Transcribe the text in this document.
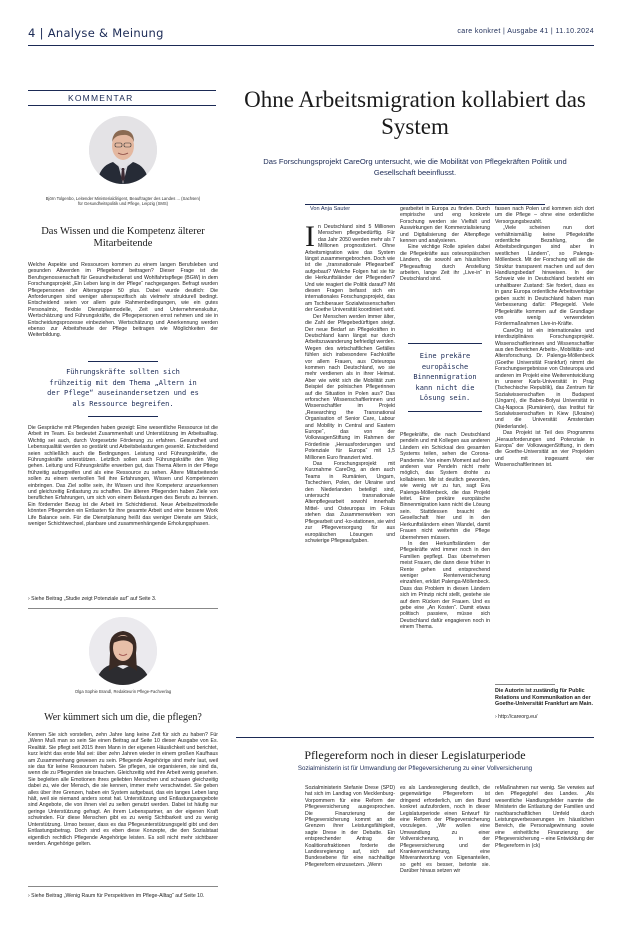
4 | Analyse & Meinung	care konkret | Ausgabe 41 | 11.10.2024
KOMMENTAR
Björn Tolgenbo, Leitender Ministerialdirigent, Beauftragter des Landes ... (Sachsen) für Gesundheitspolitik und Pflege, Leipzig (SMS)
Das Wissen und die Kompetenz älterer Mitarbeitende
Welche Aspekte und Ressourcen kommen zu einem langen Berufsleben und gesunden Altwerden im Pflegeberuf beitragen? Dieser Frage ist die Berufsgenossenschaft für Gesundheitsdienst und Wohlfahrtspflege (BGW) in dem Forschungsprojekt „Ein Leben lang in der Pflege“ nachgegangen. Befragt wurden Pflegepersonen der Altersgruppe 50 plus. Dabei wurde deutlich: Die Anforderungen sind weniger altersspezifisch als vielmehr strukturell bedingt. Entscheidend seien vor allem gute Rahmenbedingungen, wie ein gutes Personalmix, flexible Dienstplanmodelle, Zeit und Unternehmenskultur, Wertschätzung und Führungskräfte, die Pflegepersonen ernst nehmen und sie in Entscheidungsprozesse einbeziehen. Wertschätzung und Anerkennung werden ebenso zur Arbeitsfreude der Pflege beitragen wie Möglichkeiten der Weiterbildung.
Führungskräfte sollten sich frühzeitig mit dem Thema „Altern in der Pflege“ auseinandersetzen und es als Ressource begreifen.
Die Gespräche mit Pflegenden haben gezeigt: Eine wesentliche Ressource ist die Arbeit im Team. Es bedeutet Zusammenhalt und Unterstützung im Arbeitsalltag. Wichtig sei auch, durch Vorgesetzte Förderung zu erfahren. Gesundheit und Lebensqualität werden so gestärkt und Arbeitsbelastungen gesenkt. Entscheidend seien schließlich auch die Bedingungen. Leistung und Führungskräfte, die Führungskräfte unterstützen. Letztlich sollen auch Führungskräfte den Weg gehen. Leitung und Führungskräfte erwerben gut, das Thema Altern in der Pflege frühzeitig aufzugreifen und als eine Ressource zu sehen. Ältere Mitarbeitende sollen zu einem wertvollen Teil ihre Erfahrungen, Wissen und Kompetenzen einbringen. Das Ziel sollte sein, ihr Wissen und ihre Kompetenz anzuerkennen und gleichzeitig Entlastung zu schaffen. Die älteren Pflegenden haben Ziele von beruflichen Erfahrungen, um sich von einem Belastungen des Berufs zu trennen. Ein fördernder Bezug ist die Arbeit im Schichtdienst. Neue Arbeitszeitmodelle könnten Pflegenden ein Entlasten für ihre gesamte Arbeit und eine bessere Work Life Balance sein. Für die Dienstplanung heißt das weniger Dienste am Stück, weniger Schichtwechsel, planbare und zusammenhängende Erholungsphasen.
› Siehe Beitrag „Studie zeigt Potenziale auf“ auf Seite 3.
Olga Sophie Brandl, Redakteurin Pflege-Fachverlag
Wer kümmert sich um die, die pflegen?
Kennen Sie sich vorstellen, zehn Jahre lang keine Zeit für sich zu haben? Für „Wenn Muß man so sein Sie einen Beitrag auf Seite 10 dieser Ausgabe von Es. Realität. Sie pflegt seit 2015 ihren Mann in der eigenen Häuslichkeit und berichtet, kurz leicht das erste Mal sei: über zehn Jahren wieder in einem großen Kaufhaus am Zusammenhang gewesen zu sein. Pflegende Angehörige sind mehr laut, weil sie das für keine Ressourcen haben. Sie pflegen, sie organisieren, sie sind da, wenn die zu Pflegenden sie brauchen. Gleichzeitig wird ihre Arbeit wenig gesehen. Sie begleiten alle Emotionen ihres geliebten Menschen und schauen gleichzeitig dabei zu, wie der Mensch, die sie kennen, immer mehr verschwindet. Sie geben alles über ihre Grenzen, haben ein System aufgebaut, das ein langes Leben lang hält, weil sie niemand anders sonst hat. Unterstützung und Entlastungsangebote sind Angebote, die von ihnen viel zu selten genutzt werden. Dabei ist häufig nur geringe Unterstützung gefragt. An ihrem Lebenspartner, an der eigenen Kraft schwinden. Für diese Menschen gibt es zu wenig Sichtbarkeit und zu wenig Unterstützung. Umso besser, dass es das Pflegeunterstützungsgeld gibt und den Entlastungsbetrag. Doch sind es eben diese Konzepte, die den Sozialstaat eigentlich rechtlich Pflegende Angehörige leisten. Es soll nicht mehr sichtbarer werden. Angehörige gelten.
› Siehe Beitrag „Wenig Raum für Perspektiven im Pflege-Alltag“ auf Seite 10.
Ohne Arbeitsmigration kollabiert das System
Das Forschungsprojekt CareOrg untersucht, wie die Mobilität von Pflegekräften Politik und Gesellschaft beeinflusst.
Von Anja Sauter
In Deutschland sind 5 Millionen Menschen pflegebedürftig. Für das Jahr 2050 werden mehr als 7 Millionen prognostiziert. Ohne Arbeitsmigration wäre das System längst zusammengebrochen. Doch wie ist die „transnationale Pflegearbeit“ aufgebaut? Welche Folgen hat sie für die Herkunftsländer der Pflegenden? Und wie reagiert die Politik darauf? Mit diesen Fragen befasst sich ein internationales Forschungsprojekt, das am Tschiberauer Sozialwissenschaften der Goethe Universität koordiniert wird.
Der Menschen werden immer älter, die Zahl der Pflegebedürftigen steigt. Der neue Bedarf an Pflegekräften in Deutschland kann längst nur durch Arbeitszuwanderung befriedigt werden. Wegen des wirtschaftlichen Gefälles fühlen sich insbesondere Fachkräfte vor allem Frauen, aus Osteuropa kommen nach Deutschland, wo sie mehr verdienen als in ihrer Heimat. Aber wie wirkt sich die Mobilität zum Beispiel der polnischen Pflegerinnen auf die Situation in Polen aus? Das erforschen Wissenschaftlerinnen und Wissenschaftler im Projekt „Researching the Transnational Organisation of Senior Care, Labour and Mobility in Central and Eastern Europe“, das von der VolkswagenStiftung im Rahmen der Förderlinie „Herausforderungen und Potenziale für Europa“ mit 1,5 Millionen Euro finanziert wird.
Das Forschungsprojekt mit Kurznahme CareOrg, an dem auch Teams in Rumänien, Ungarn, Tschechien, Polen, der Ukraine und den Niederlanden beteiligt sind, untersucht transnationale Altenpflegearbeit sowohl innerhalb Mittel- und Osteuropas im Fokus stehen das Zusammenwirken von Pflegearbeit und -ko-stationen, sie wird zur Pflegeversorgung für aus europäischen Lösungen und schwierige Pflegeaufgaben.
gearbeitet in Europa zu finden. Durch empirische und eng konkrete Forschung werden sie Vielfalt und Auswirkungen der Kommerzialisierung und Digitalisierung der Altenpflege kennen und analysieren.
Eine wichtige Rolle spielen dabei die Pflegekräfte aus osteuropäischen Ländern, die sowohl am häuslichen Pflegeauftrag durch Anstellung arbeiten, lange Zeit ihr „Live-in“ in Deutschland sind.
Eine prekäre europäische Binnenmigration kann nicht die Lösung sein.
Pflegekräfte, die nach Deutschland pendeln und mit Kollegen aus anderen Ländern ein Schicksal des gesamten Systems teilen, sehen die Corona-Pandemie. Von einem Moment auf den anderen war Pendeln nicht mehr möglich, das System drohte zu kollabieren. Mir ist deutlich geworden, wie wenig wir zu tun, sagt Eva Palenga-Möllenbeck, die das Projekt leitet. Eine prekäre europäische Binnenmigration kann nicht die Lösung sein. Stattdessen braucht die Gesellschaft hier und in den Herkunftsländern einen Wandel, damit Frauen nicht weiterhin die Pflege übernehmen müssen.
In den Herkunftsländern der Pflegekräfte wird immer noch in den Familien gepflegt. Das übernehmen meist Frauen, die dann diese früher in Rente gehen und entsprechend weniger Rentenversicherung einzahlen, erklärt Palenga-Möllenbeck. Dass das Problem in diesen Ländern sich im Prinzip nicht stellt, gestehe sie auf dem Rücken der Frauen. Und es gebe eine „An Kosten“. Damit etwas politisch passiere, müsse sich Deutschland dafür engagieren noch in einem Thema.
fassen nach Polen und kommen sich dort um die Pflege – ohne eine ordentliche Versorgungsbezahlt.
„Viele scheinen nun dort verhältnismäßig keine Pflegekräfte ordentliche Bezahlung, die Arbeitsbedingungen sind aber in westlichen Ländern“, so Palenga-Möllenbeck. Mit der Forschung will sie die Struktur transparent machen und auf den Handlungsbedarf hinweisen. In der Schweiz wie in Deutschland besteht ein unhaltbarer Zustand: Sie fordert, dass es in ganz Europa ordentliche Arbeitsverträge geben sucht in Deutschland haben man Verbesserung dafür: Pflegegeld. Viele Pflegekräfte kommen auf die Grundlage von wenig verwendeten Fördermaßnahmen Live-in-Kräfte.
CareOrg ist ein internationales und interdisziplinäres Forschungsprojekt. Wissenschaftlerinnen und Wissenschaftler aus den Bereichen Arbeits-, Mobilitäts- und Altersforschung. Dr. Palenga-Möllenbeck (Goethe Universität Frankfurt) nimmt die Forschungsergebnisse von Osteuropa und anderen im Projekt eine Weiterentwicklung in unserer Karls-Universität in Prag (Tschechische Republik), das Zentrum für Sozialwissenschaften in Budapest (Ungarn), die Babes-Bolyai Universität in Cluj-Napoca (Rumänien), das Institut für Sozialwissenschaften in Kiew (Ukraine) und die Universität Amsterdam (Niederlande).
Das Projekt ist Teil des Programms „Herausforderungen und Potenziale in Europa“ der VolkswagenStiftung, in dem die Goethe-Universität an vier Projekten und mit insgesamt vier Wissenschaftlerinnen ist.
Die Autorin ist zuständig für Public Relations und Kommunikation an der Goethe-Universität Frankfurt am Main.
› http://careorg.eu/
Pflegereform noch in dieser Legislaturperiode
Sozialministerin ist für Umwandlung der Pflegeversicherung zu einer Vollversicherung
Sozialministerin Stefanie Drese (SPD) hat sich im Landtag von Mecklenburg-Vorpommern für eine Reform der Pflegeversicherung ausgesprochen. Die Finanzierung der Pflegeversicherung kommt an die Grenzen ihrer Leistungsfähigkeit, sagte Drese in der Debatte. Ein entsprechender Antrag der Koalitionsfraktionen forderte die Landesregierung auf, sich auf Bundesebene für eine nachhaltige Pflegereform einzusetzen. „Wenn
es als Landesregierung deutlich, die gegenwärtige Pflegereform ist dringend erforderlich, um den Bund konkret aufzufordern, noch in dieser Legislaturperiode einen Entwurf für eine Reform der Pflegeversicherung vorzulegen. „Wir wollen eine Umwandlung zu einer Vollversicherung, in der Pflegeversicherung und der Krankenversicherung, eine Mitverantwortung von Eigenanteilen, so geht es besser, betonte sie. Darüber hinaus setzen wir
reMaßnahmen nur wenig. Sie verwies auf den Pflegegipfel des Landes. „Als wesentliche Handlungsfelder nannte die Ministerin die Entlastung der Familien und nachbarschaftlichen Umfeld durch Leistungsverbesserungen im häuslichen Bereich, die Personalgewinnung sowie eine einheitliche Finanzierung der Pflegeversicherung – eine Entwicklung der Pflegereform in (ck)
